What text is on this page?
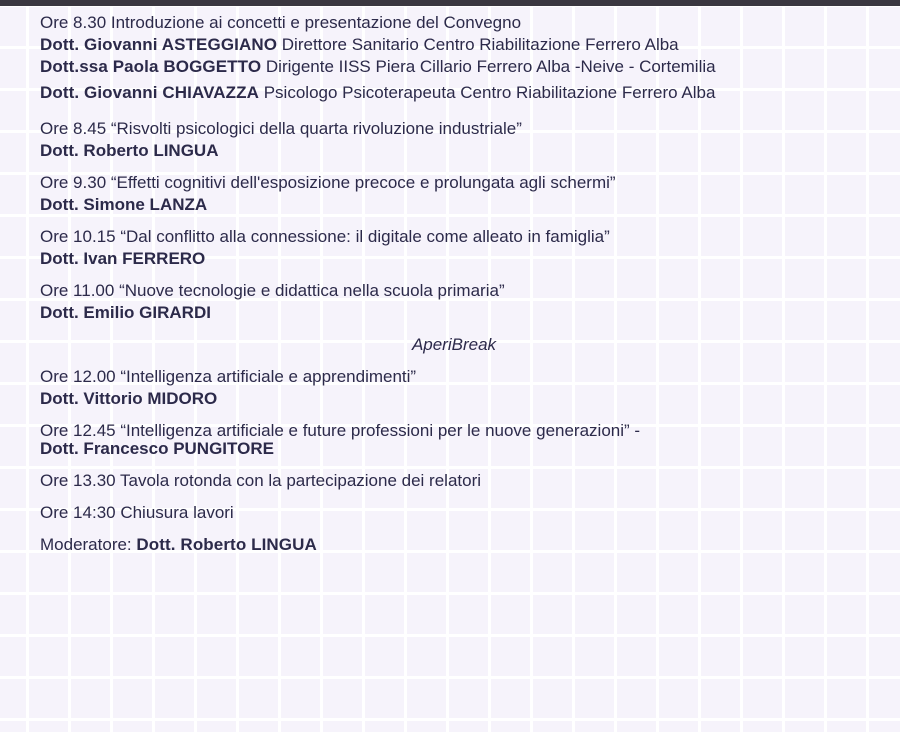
Ore 8.30 Introduzione ai concetti e presentazione del Convegno
Dott. Giovanni ASTEGGIANO Direttore Sanitario Centro Riabilitazione Ferrero Alba
Dott.ssa Paola BOGGETTO Dirigente IISS Piera Cillario Ferrero Alba -Neive - Cortemilia
Dott. Giovanni CHIAVAZZA Psicologo Psicoterapeuta Centro Riabilitazione Ferrero Alba
Ore 8.45 “Risvolti psicologici della quarta rivoluzione industriale”
Dott. Roberto LINGUA
Ore 9.30 “Effetti cognitivi dell'esposizione precoce e prolungata agli schermi”
Dott. Simone LANZA
Ore 10.15 “Dal conflitto alla connessione: il digitale come alleato in famiglia”
Dott. Ivan FERRERO
Ore 11.00 “Nuove tecnologie e didattica nella scuola primaria”
Dott. Emilio GIRARDI
AperiBreak
Ore 12.00 “Intelligenza artificiale e apprendimenti”
Dott. Vittorio MIDORO
Ore 12.45 “Intelligenza artificiale e future professioni per le nuove generazioni” -
Dott. Francesco PUNGITORE
Ore 13.30 Tavola rotonda con la partecipazione dei relatori
Ore 14:30 Chiusura lavori
Moderatore: Dott. Roberto LINGUA
